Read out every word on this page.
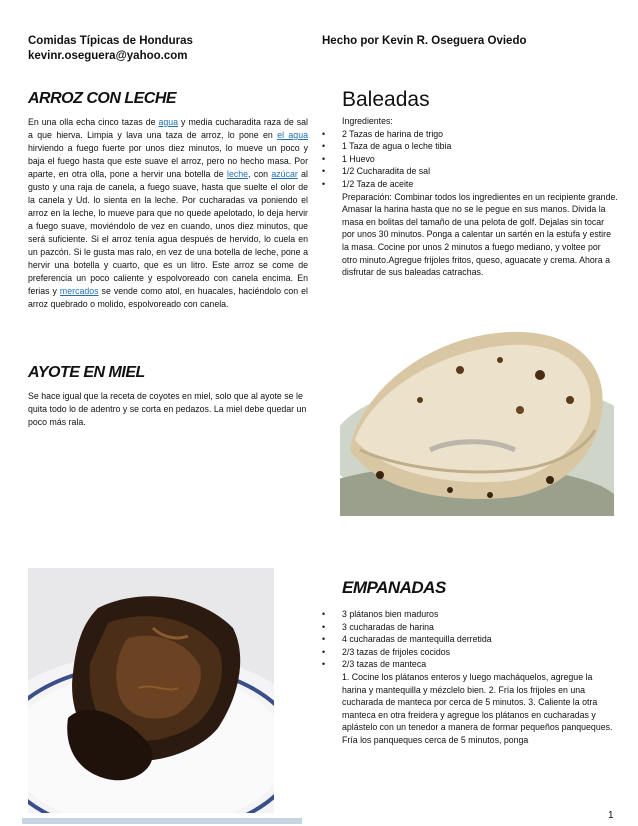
Comidas Típicas de Honduras
kevinr.oseguera@yahoo.com
Hecho por Kevin R. Oseguera Oviedo
ARROZ CON LECHE

En una olla echa cinco tazas de agua y media cucharadita raza de sal a que hierva. Limpia y lava una taza de arroz, lo pone en el agua hirviendo a fuego fuerte por unos diez minutos, lo mueve un poco y baja el fuego hasta que este suave el arroz, pero no hecho masa. Por aparte, en otra olla, pone a hervir una botella de leche, con azúcar al gusto y una raja de canela, a fuego suave, hasta que suelte el olor de la canela y Ud. lo sienta en la leche. Por cucharadas va poniendo el arroz en la leche, lo mueve para que no quede apelotado, lo deja hervir a fuego suave, moviéndolo de vez en cuando, unos diez minutos, que será suficiente. Si el arroz tenía agua después de hervido, lo cuela en un pazcón. Si le gusta mas ralo, en vez de una botella de leche, pone a hervir una botella y cuarto, que es un litro. Este arroz se come de preferencia un poco caliente y espolvoreado con canela encima. En ferias y mercados se vende como atol, en huacales, haciéndolo con el arroz quebrado o molido, espolvoreado con canela.

AYOTE EN MIEL

Se hace igual que la receta de coyotes en miel, solo que al ayote se le quita todo lo de adentro y se corta en pedazos. La miel debe quedar un poco más rala.

Baleadas

Ingredientes:

• 2 Tazas de harina de trigo
• 1 Taza de agua o leche tibia
• 1 Huevo
• 1/2 Cucharadita de sal
• 1/2 Taza de aceite

Preparación: Combinar todos los ingredientes en un recipiente grande. Amasar la harina hasta que no se le pegue en sus manos. Divida la masa en bolitas del tamaño de una pelota de golf. Dejalas sin tocar por unos 30 minutos. Ponga a calentar un sartén en la estufa y estire la masa. Cocine por unos 2 minutos a fuego mediano, y voltee por otro minuto.Agregue frijoles fritos, queso, aguacate y crema. Ahora a disfrutar de sus baleadas catrachas.

EMPANADAS
• 3 plátanos bien maduros
• 3 cucharadas de harina
• 4 cucharadas de mantequilla derretida
• 2/3 tazas de frijoles cocidos
• 2/3 tazas de manteca

1. Cocine los plátanos enteros y luego macháquelos, agregue la harina y mantequilla y mézclelo bien. 2. Fría los frijoles en una cucharada de manteca por cerca de 5 minutos. 3. Caliente la otra manteca en otra freidera y agregue los plátanos en cucharadas y aplástelo con un tenedor a manera de formar pequeños panqueques. Fría los panqueques cerca de 5 minutos, ponga

1
